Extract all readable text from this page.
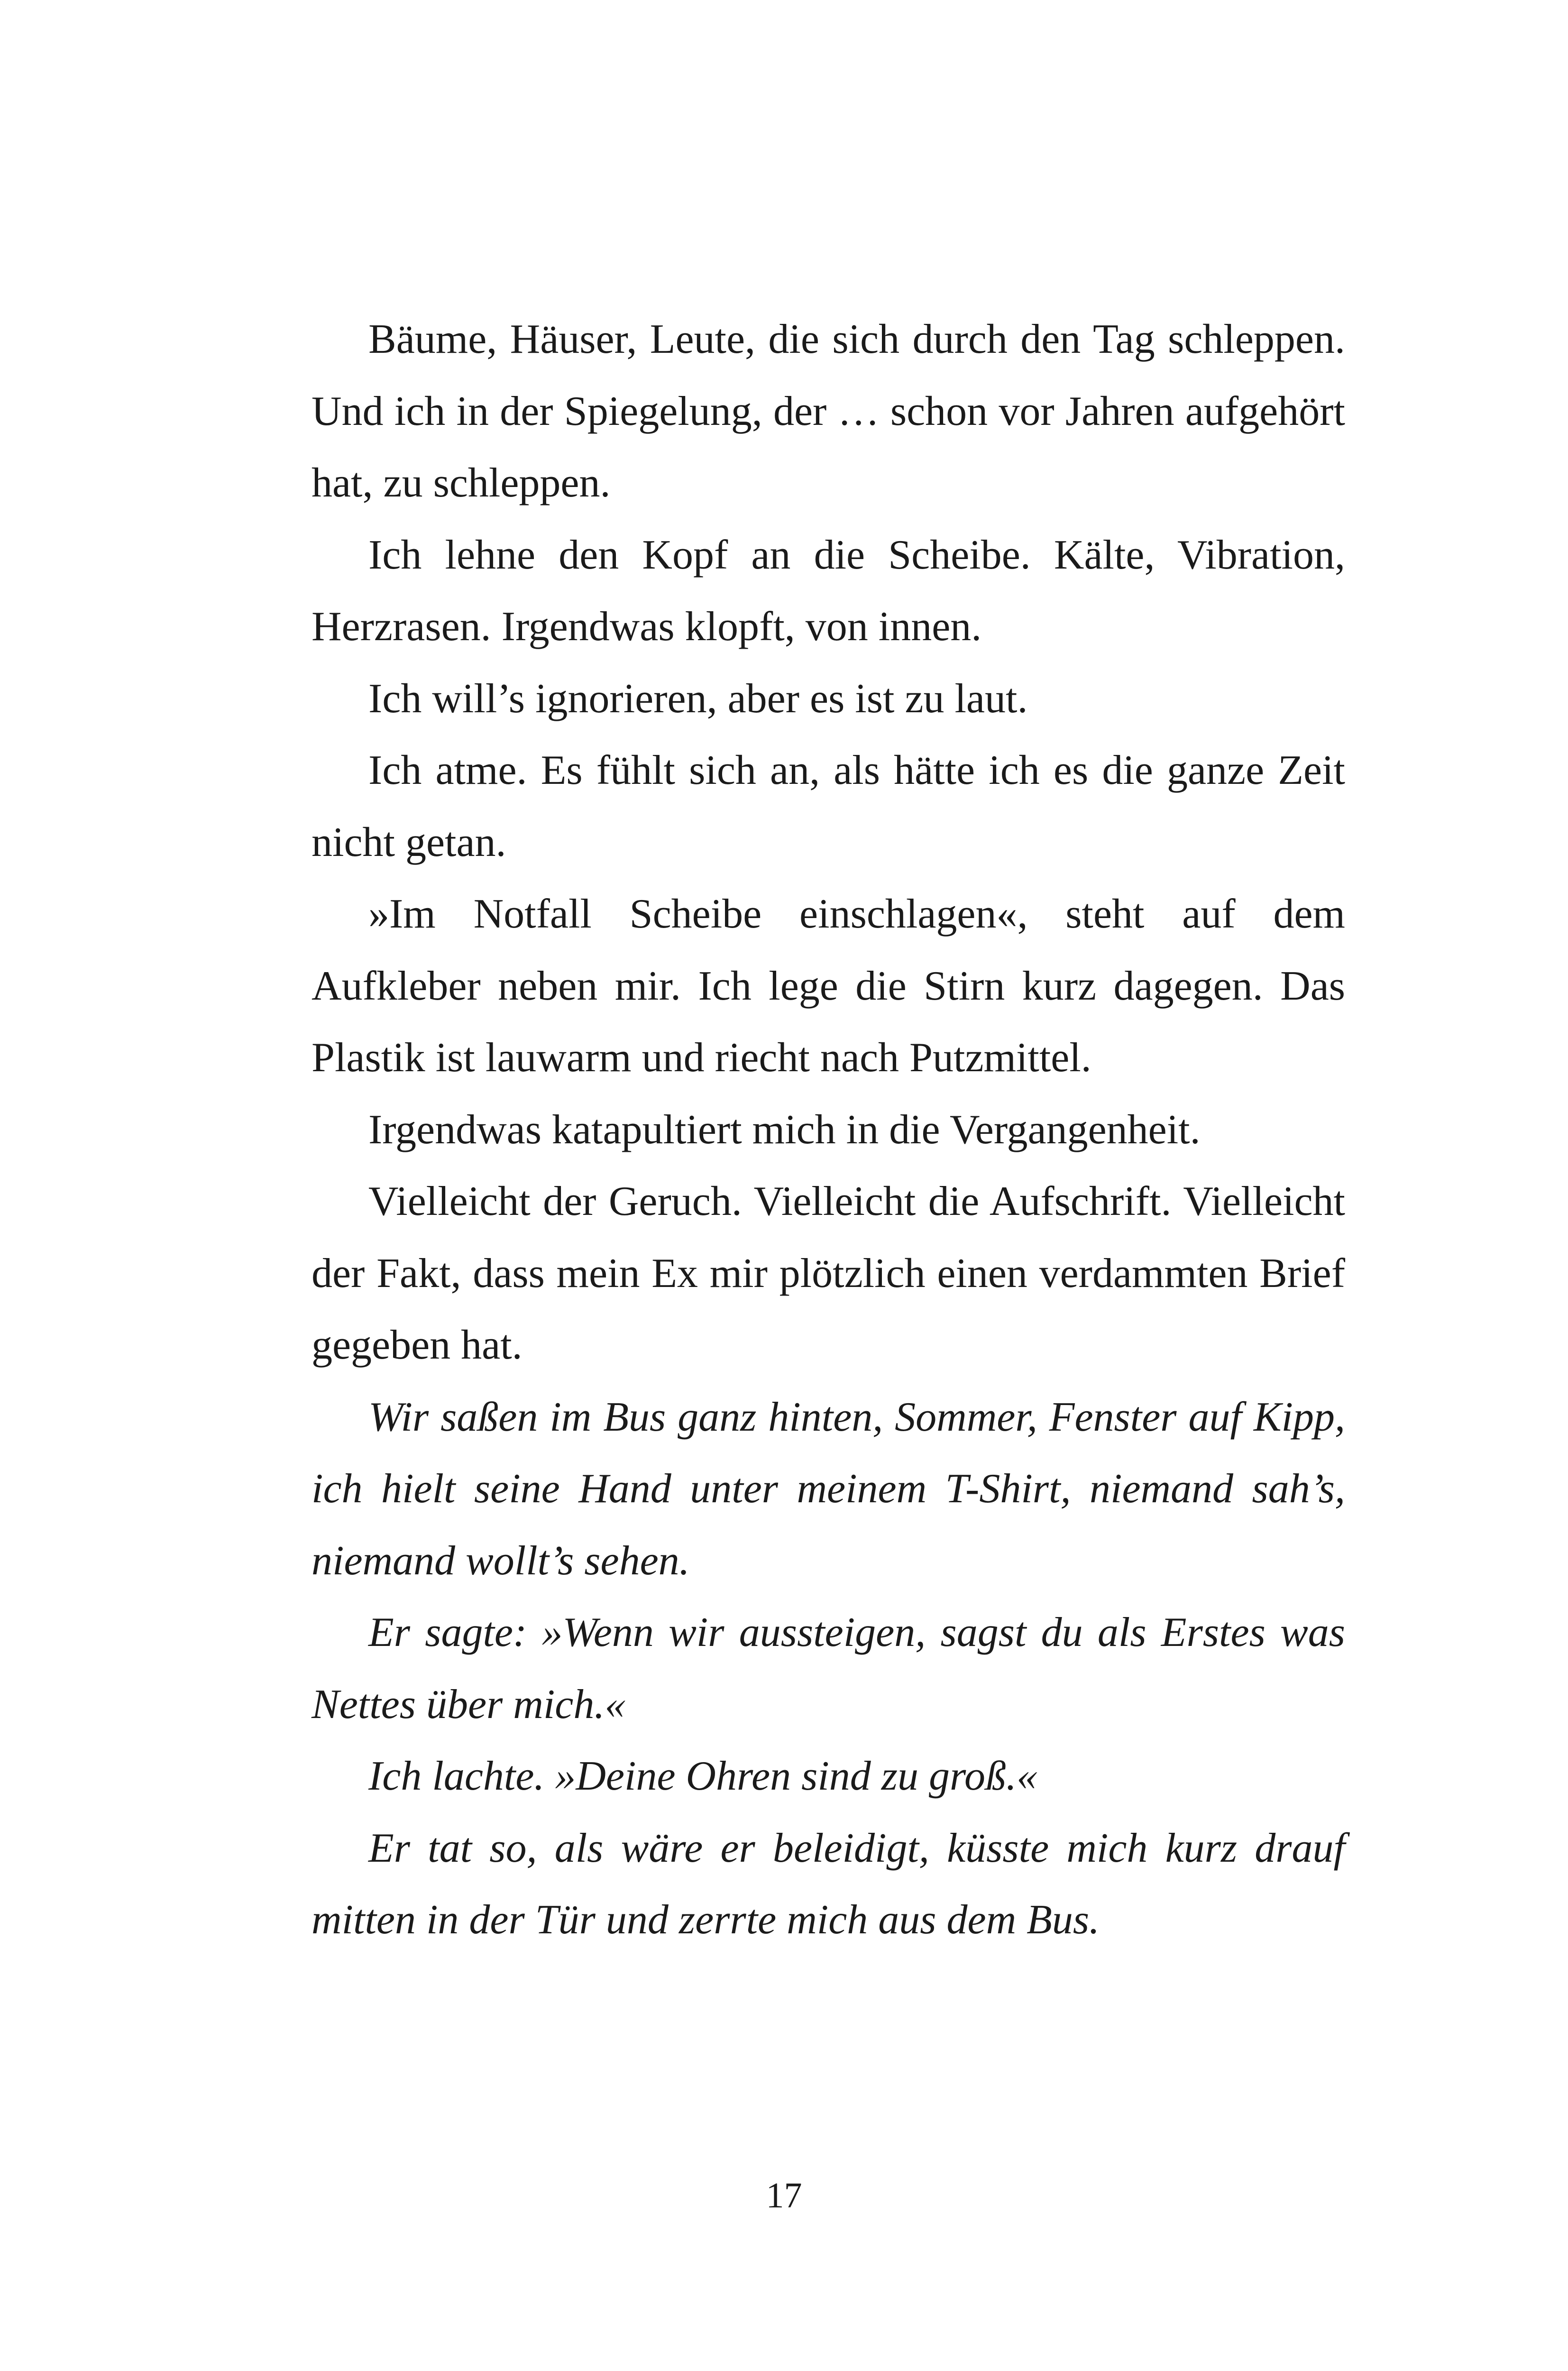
Bäume, Häuser, Leute, die sich durch den Tag schleppen. Und ich in der Spiegelung, der … schon vor Jahren aufgehört hat, zu schleppen.

Ich lehne den Kopf an die Scheibe. Kälte, Vibration, Herzrasen. Irgendwas klopft, von innen.

Ich will’s ignorieren, aber es ist zu laut.

Ich atme. Es fühlt sich an, als hätte ich es die ganze Zeit nicht getan.

»Im Notfall Scheibe einschlagen«, steht auf dem Aufkleber neben mir. Ich lege die Stirn kurz dagegen. Das Plastik ist lauwarm und riecht nach Putzmittel.

Irgendwas katapultiert mich in die Vergangenheit.

Vielleicht der Geruch. Vielleicht die Aufschrift. Vielleicht der Fakt, dass mein Ex mir plötzlich einen verdammten Brief gegeben hat.

Wir saßen im Bus ganz hinten, Sommer, Fenster auf Kipp, ich hielt seine Hand unter meinem T-Shirt, niemand sah’s, niemand wollt’s sehen.

Er sagte: »Wenn wir aussteigen, sagst du als Erstes was Nettes über mich.«

Ich lachte. »Deine Ohren sind zu groß.«

Er tat so, als wäre er beleidigt, küsste mich kurz drauf mitten in der Tür und zerrte mich aus dem Bus.

17
